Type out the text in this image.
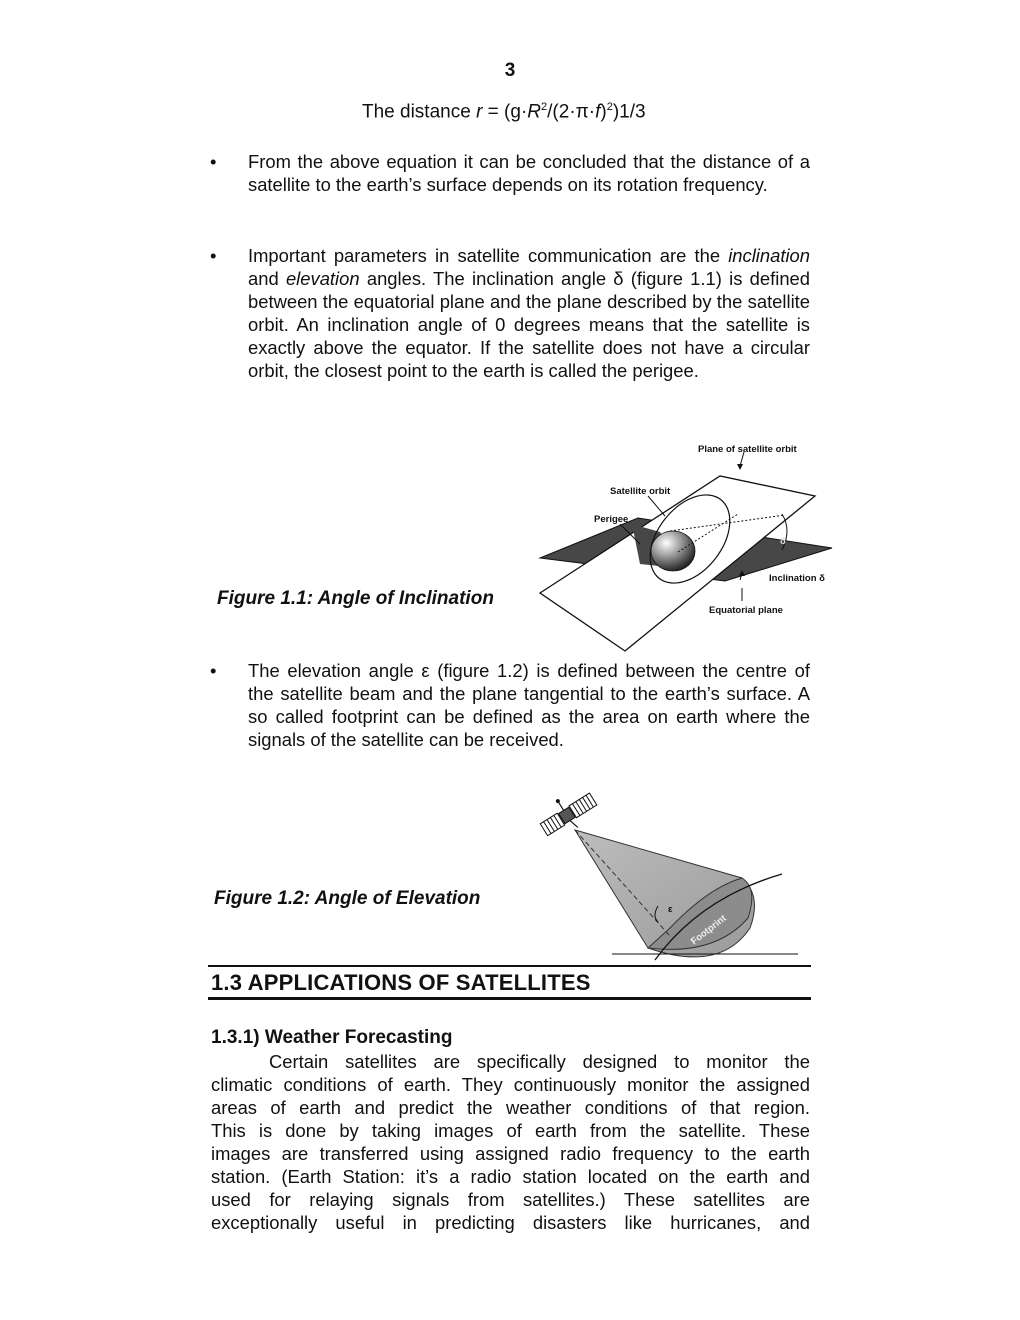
3
The distance $r = (g\cdot R^2/(2\cdot\pi\cdot f)^2)1/3$
• From the above equation it can be concluded that the distance of a satellite to the earth’s surface depends on its rotation frequency.
• Important parameters in satellite communication are the inclination and elevation angles. The inclination angle δ (figure 1.1) is defined between the equatorial plane and the plane described by the satellite orbit. An inclination angle of 0 degrees means that the satellite is exactly above the equator. If the satellite does not have a circular orbit, the closest point to the earth is called the perigee.
Figure 1.1: Angle of Inclination
δ
Plane of satellite orbit
Satellite orbit
Perigee
Inclination δ
Equatorial plane
• The elevation angle ε (figure 1.2) is defined between the centre of the satellite beam and the plane tangential to the earth’s surface. A so called footprint can be defined as the area on earth where the signals of the satellite can be received.
Figure 1.2: Angle of Elevation
ε
Footprint
1.3 APPLICATIONS OF SATELLITES
1.3.1) Weather Forecasting
Certain satellites are specifically designed to monitor the
climatic conditions of earth. They continuously monitor the assigned
areas of earth and predict the weather conditions of that region.
This is done by taking images of earth from the satellite. These
images are transferred using assigned radio frequency to the earth
station. (Earth Station: it’s a radio station located on the earth and
used for relaying signals from satellites.) These satellites are
exceptionally useful in predicting disasters like hurricanes, and
